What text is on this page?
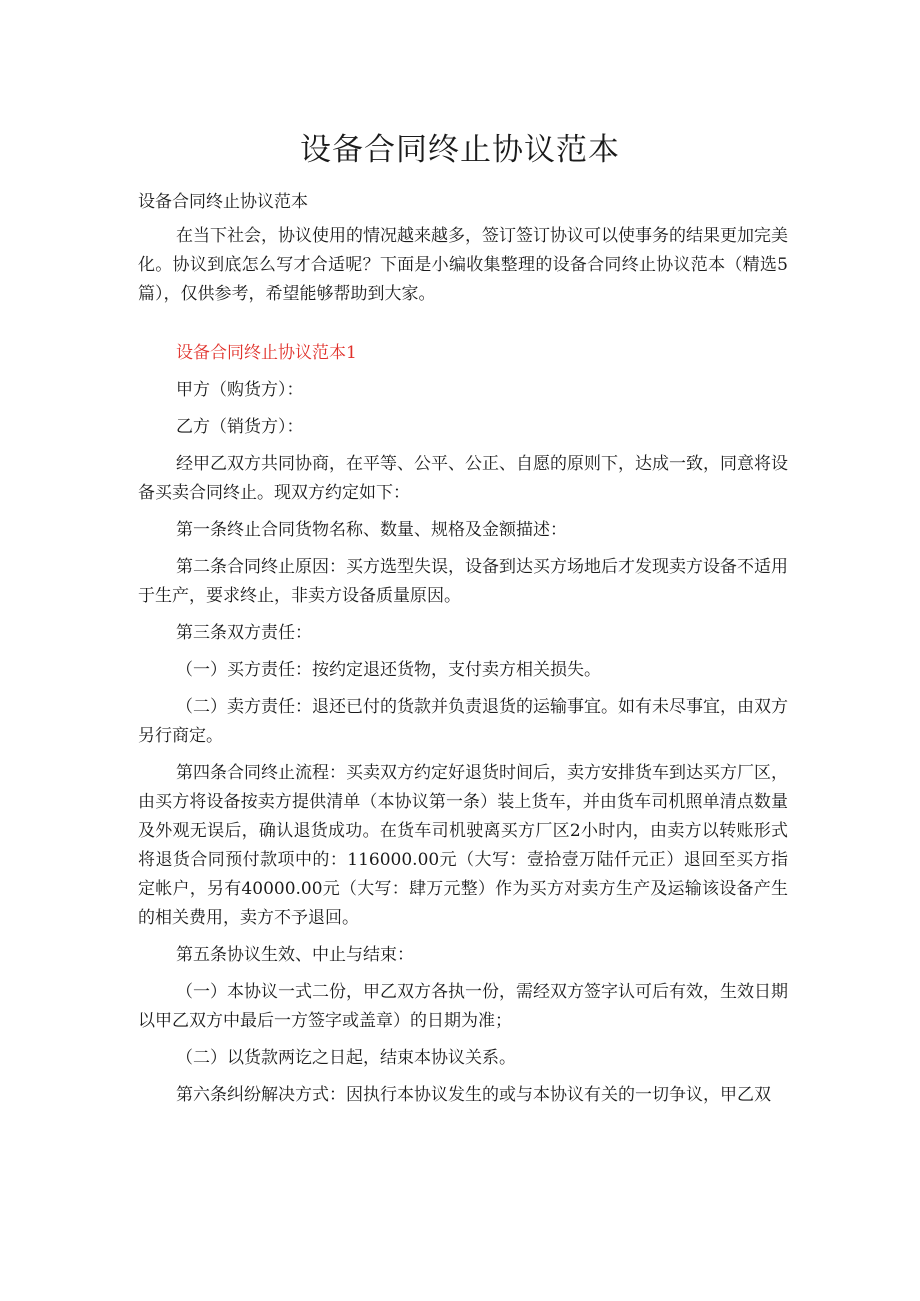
设备合同终止协议范本

设备合同终止协议范本

在当下社会，协议使用的情况越来越多，签订签订协议可以使事务的结果更加完美化。协议到底怎么写才合适呢？下面是小编收集整理的设备合同终止协议范本（精选5篇），仅供参考，希望能够帮助到大家。

设备合同终止协议范本1

甲方（购货方）：

乙方（销货方）：

经甲乙双方共同协商，在平等、公平、公正、自愿的原则下，达成一致，同意将设备买卖合同终止。现双方约定如下：

第一条终止合同货物名称、数量、规格及金额描述：

第二条合同终止原因：买方选型失误，设备到达买方场地后才发现卖方设备不适用于生产，要求终止，非卖方设备质量原因。

第三条双方责任：

（一）买方责任：按约定退还货物，支付卖方相关损失。

（二）卖方责任：退还已付的货款并负责退货的运输事宜。如有未尽事宜，由双方另行商定。

第四条合同终止流程：买卖双方约定好退货时间后，卖方安排货车到达买方厂区，由买方将设备按卖方提供清单（本协议第一条）装上货车，并由货车司机照单清点数量及外观无误后，确认退货成功。在货车司机驶离买方厂区2小时内，由卖方以转账形式将退货合同预付款项中的：116000.00元（大写：壹拾壹万陆仟元正）退回至买方指定帐户，另有40000.00元（大写：肆万元整）作为买方对卖方生产及运输该设备产生的相关费用，卖方不予退回。

第五条协议生效、中止与结束：

（一）本协议一式二份，甲乙双方各执一份，需经双方签字认可后有效，生效日期以甲乙双方中最后一方签字或盖章）的日期为准；

（二）以货款两讫之日起，结束本协议关系。

第六条纠纷解决方式：因执行本协议发生的或与本协议有关的一切争议，甲乙双
